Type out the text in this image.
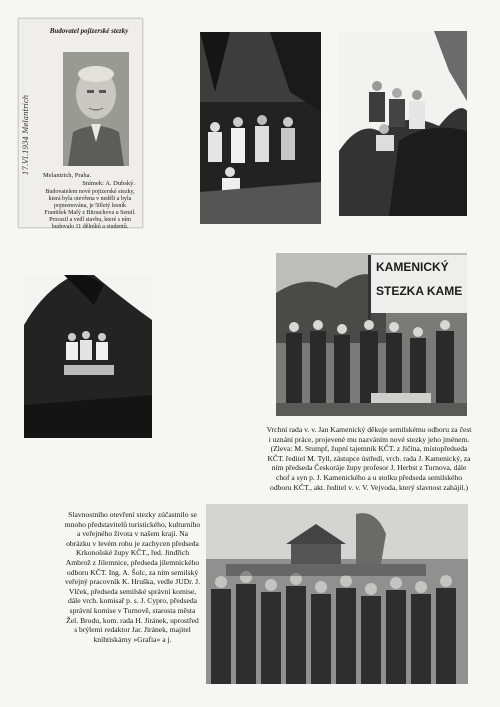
17.VI.1934 Melantrich
Budovatel pojizerské stezky
Melantrich, Praha.
Snímek: A. Dubský.
Budovatelem nové pojizerské stezky, která byla otevřena v neděli a byla pojmenována, je 50letý lesník František Malý z Bitouchova u Semil. Prorazil a vedl stavbu, které s ním budovalo 11 dělníků a studentů.
KAMENICKÝ
STEZKA KAME
Vrchní rada v. v. Jan Kamenický děkuje semilskému odboru za čest i uznání práce, projevené mu nazváním nové stezky jeho jménem. (Zleva: M. Stumpf, župní tajemník KČT. z Jičína, místopředseda KČT. ředitel M. Tyll, zástupce ústředí, vrch. rada J. Kamenický, za ním předseda Českoráje župy profesor J. Herbst z Turnova, dále chof a syn p. J. Kamenického a u stolku předseda semilského odboru KČT., akt. ředitel v. v. V. Vejvoda, který slavnost zahájil.)
Slavnostního otevření stezky zúčastnilo se mnoho představitelů turistického, kulturního a veřejného života v našem kraji. Na obrázku v levém rohu je zachycen předseda Krkonošské župy KČT., řed. Jindřich Ambrož z Jilemnice, předseda jilemnického odboru KČT. Ing. A. Šolc, za ním semilský veřejný pracovník K. Hruška, vedle JUDr. J. Vlček, předseda semilské správní komise, dále vrch. komisař p. s. J. Cypro, předseda správní komise v Turnově, starosta města Žel. Brodu, kom. rada H. Jiránek, uprostřed s brýlemi redaktor Jar. Jiránek, majitel knihtiskárny »Grafia« a j.
